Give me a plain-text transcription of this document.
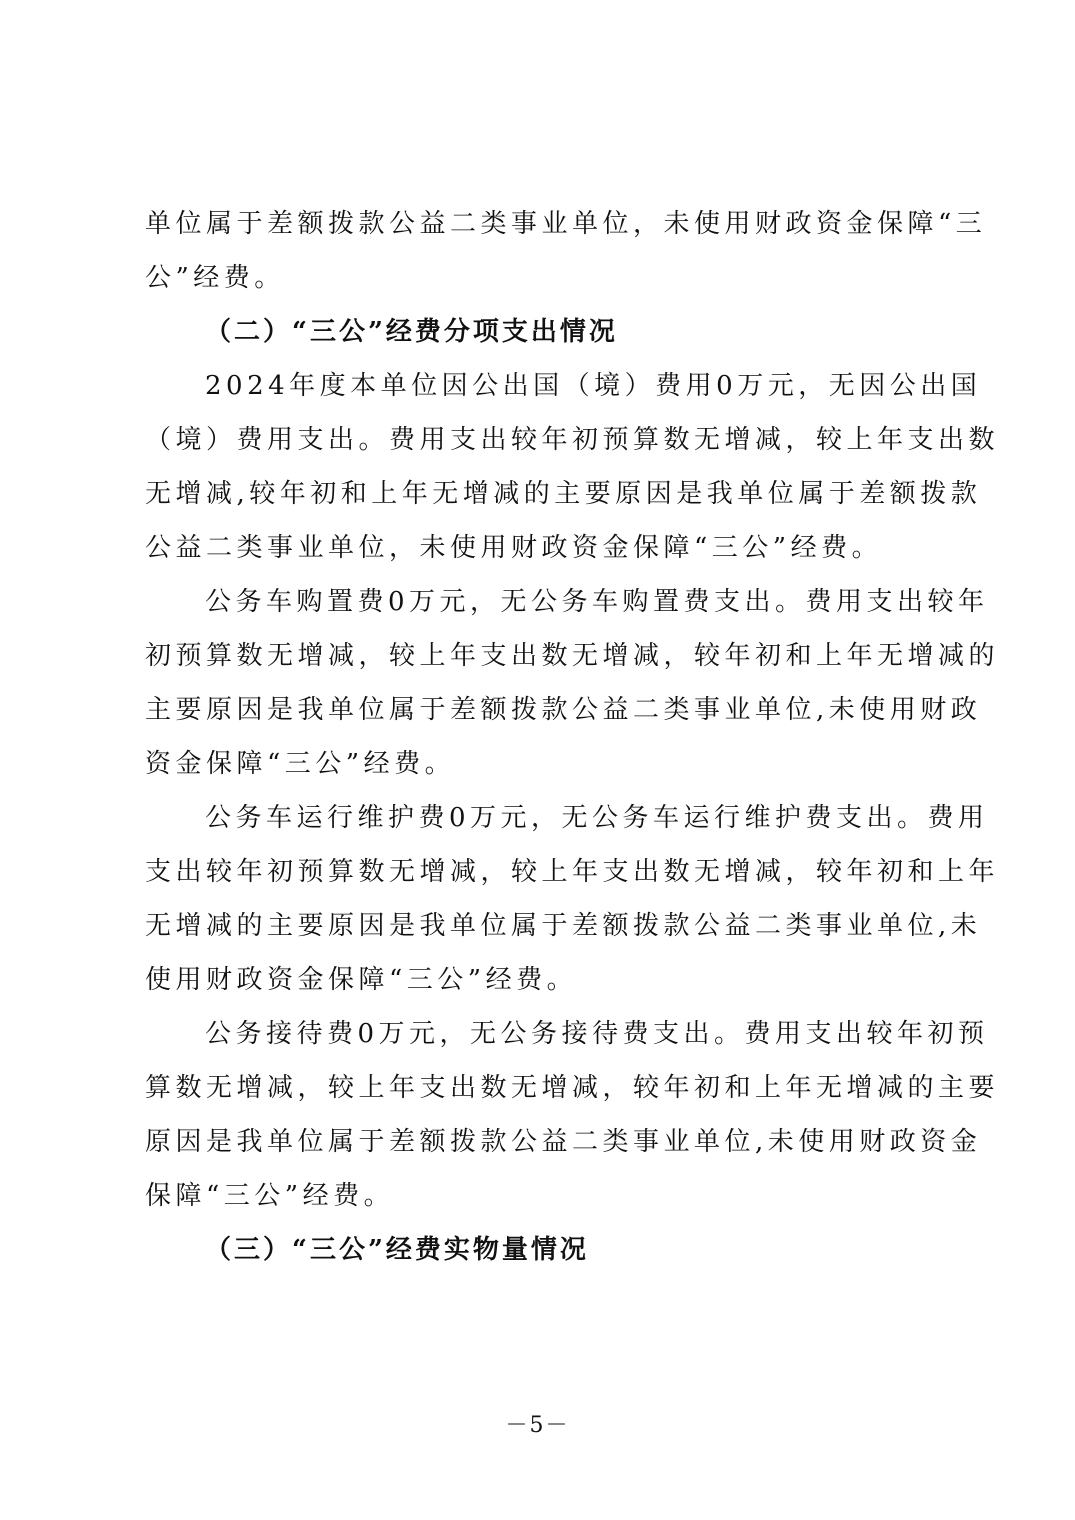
单位属于差额拨款公益二类事业单位，未使用财政资金保障“三
公”经费。
（二）“三公”经费分项支出情况
2024年度本单位因公出国（境）费用0万元，无因公出国
（境）费用支出。费用支出较年初预算数无增减，较上年支出数
无增减,较年初和上年无增减的主要原因是我单位属于差额拨款
公益二类事业单位，未使用财政资金保障“三公”经费。
公务车购置费0万元，无公务车购置费支出。费用支出较年
初预算数无增减，较上年支出数无增减，较年初和上年无增减的
主要原因是我单位属于差额拨款公益二类事业单位,未使用财政
资金保障“三公”经费。
公务车运行维护费0万元，无公务车运行维护费支出。费用
支出较年初预算数无增减，较上年支出数无增减，较年初和上年
无增减的主要原因是我单位属于差额拨款公益二类事业单位,未
使用财政资金保障“三公”经费。
公务接待费0万元，无公务接待费支出。费用支出较年初预
算数无增减，较上年支出数无增减，较年初和上年无增减的主要
原因是我单位属于差额拨款公益二类事业单位,未使用财政资金
保障“三公”经费。
（三）“三公”经费实物量情况
－5－
